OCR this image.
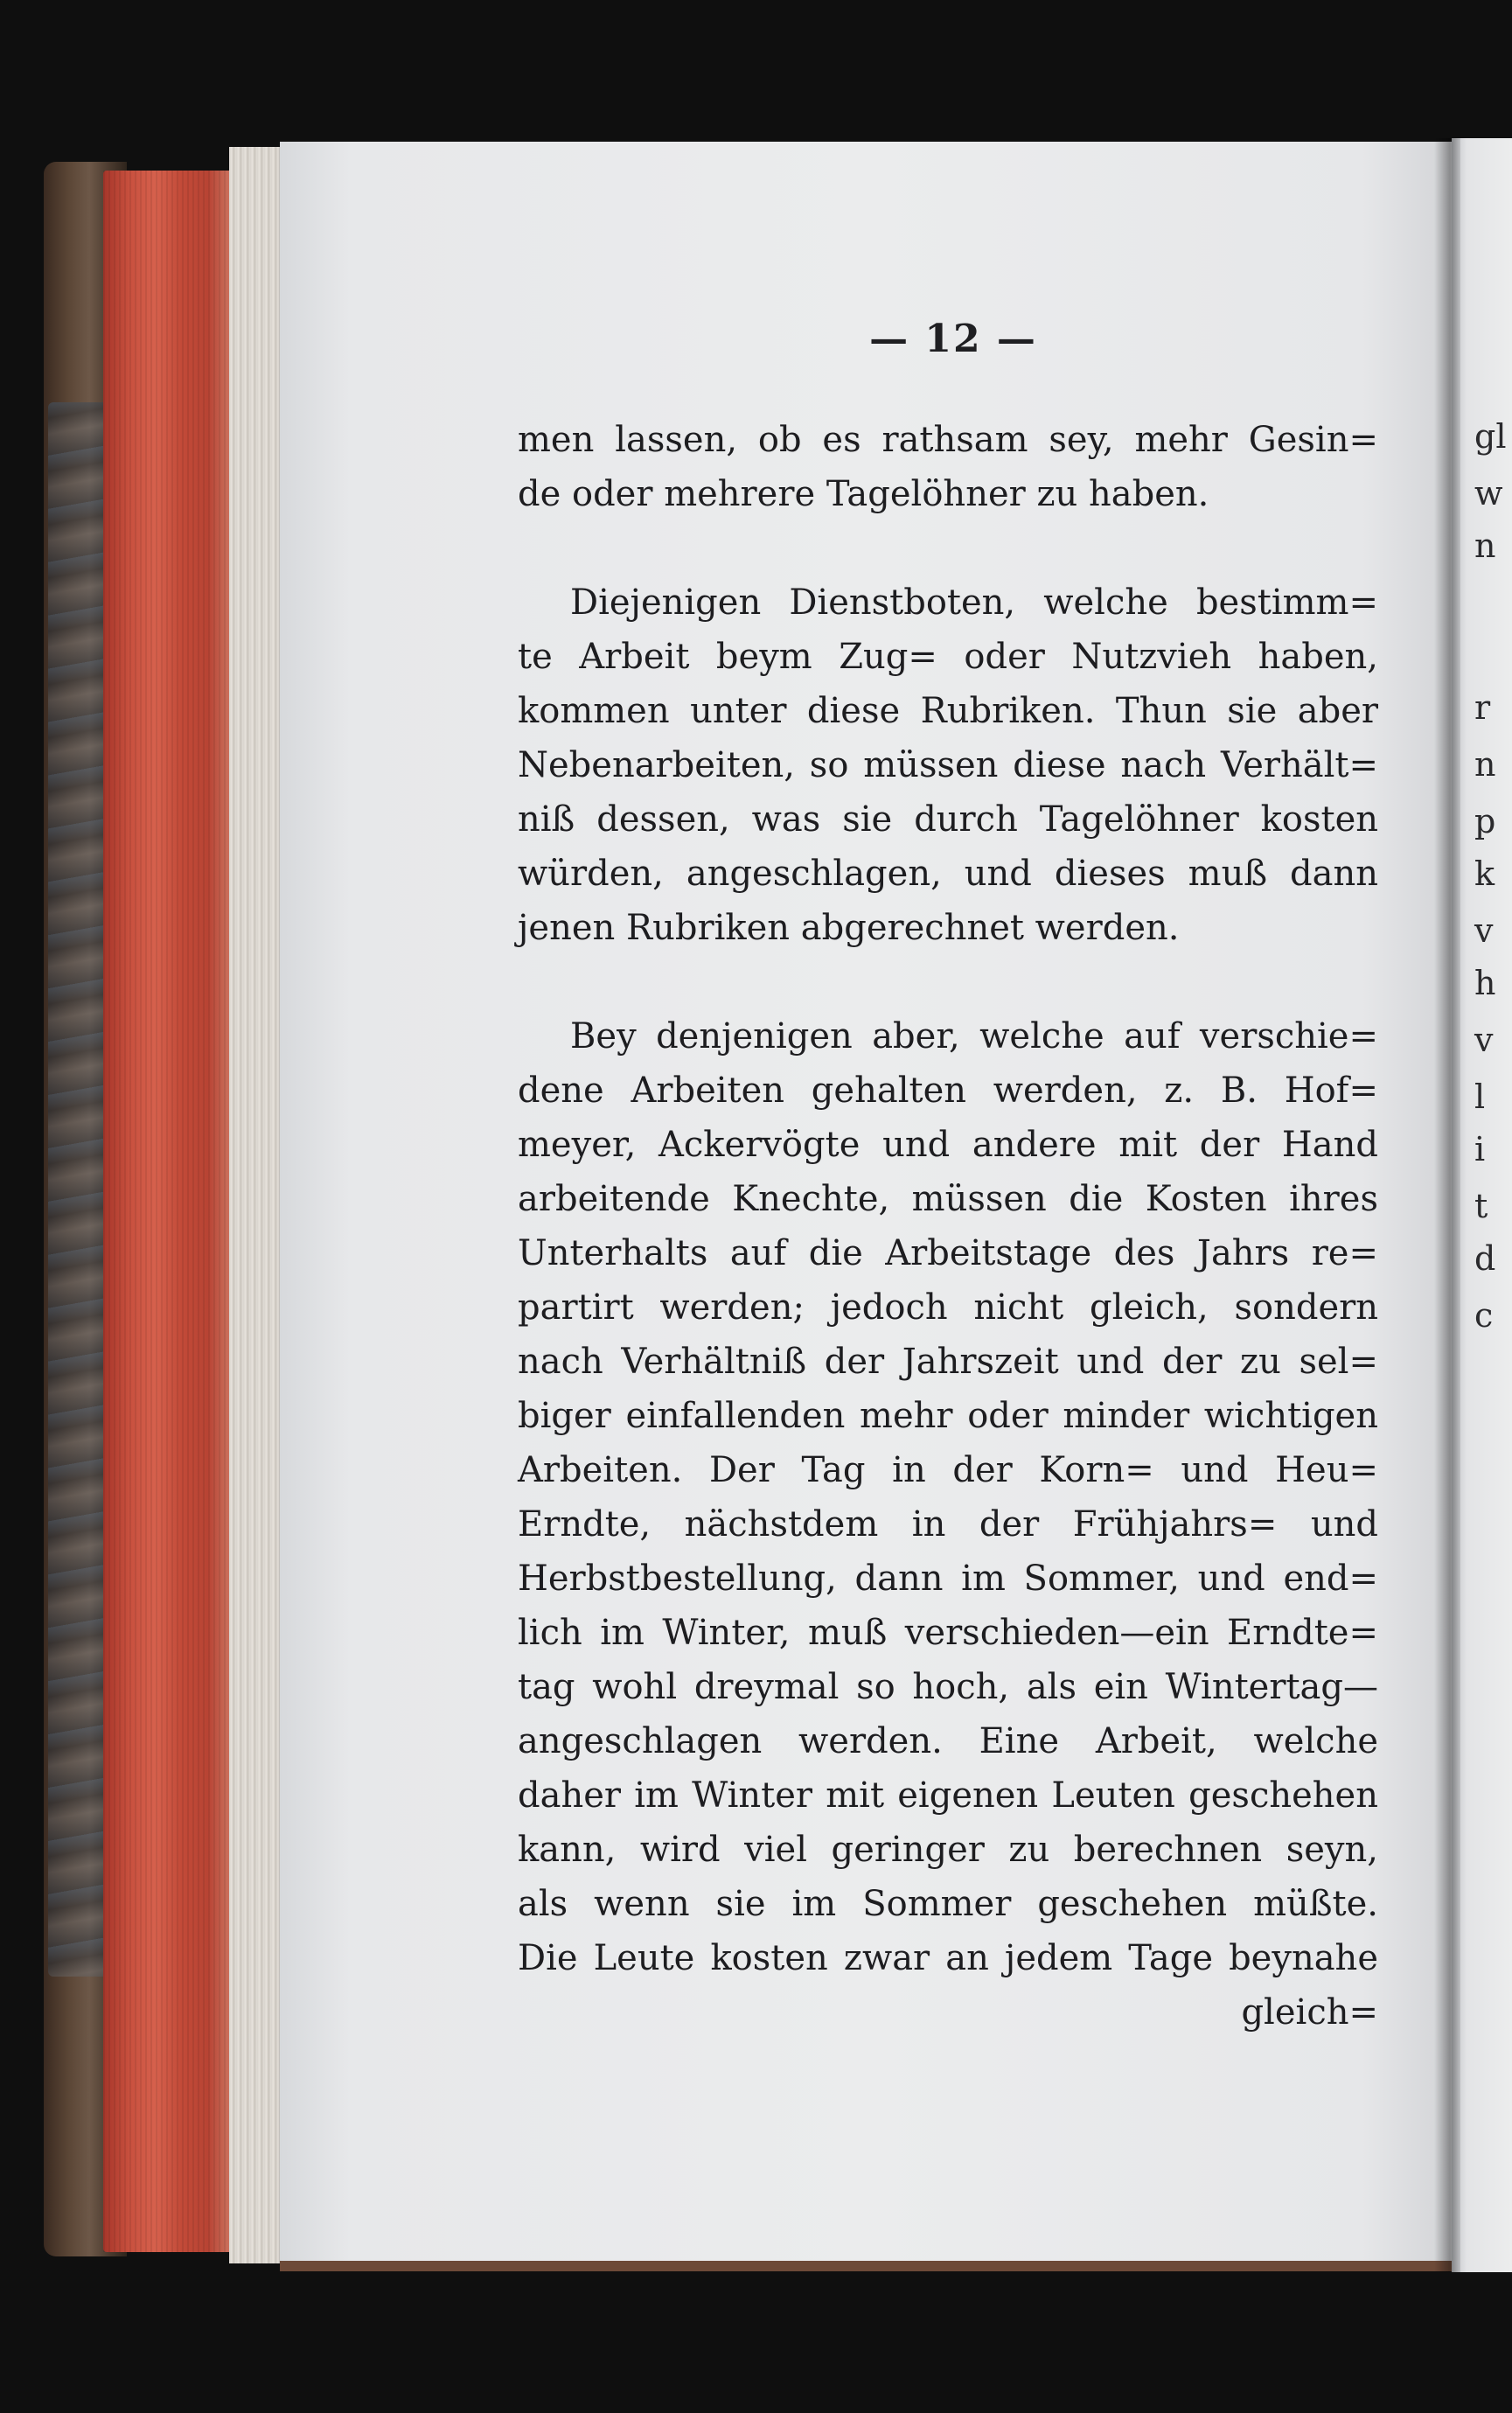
— 12 —
men lassen, ob es rathsam sey, mehr Gesin=
de oder mehrere Tagelöhner zu haben.
Diejenigen Dienstboten, welche bestimm=
te Arbeit beym Zug= oder Nutzvieh haben,
kommen unter diese Rubriken. Thun sie aber
Nebenarbeiten, so müssen diese nach Verhält=
niß dessen, was sie durch Tagelöhner kosten
würden, angeschlagen, und dieses muß dann
jenen Rubriken abgerechnet werden.
Bey denjenigen aber, welche auf verschie=
dene Arbeiten gehalten werden, z. B. Hof=
meyer, Ackervögte und andere mit der Hand
arbeitende Knechte, müssen die Kosten ihres
Unterhalts auf die Arbeitstage des Jahrs re=
partirt werden; jedoch nicht gleich, sondern
nach Verhältniß der Jahrszeit und der zu sel=
biger einfallenden mehr oder minder wichtigen
Arbeiten. Der Tag in der Korn= und Heu=
Erndte, nächstdem in der Frühjahrs= und
Herbstbestellung, dann im Sommer, und end=
lich im Winter, muß verschieden—ein Erndte=
tag wohl dreymal so hoch, als ein Wintertag—
angeschlagen werden. Eine Arbeit, welche
daher im Winter mit eigenen Leuten geschehen
kann, wird viel geringer zu berechnen seyn,
als wenn sie im Sommer geschehen müßte.
Die Leute kosten zwar an jedem Tage beynahe
gleich=
gl
w
n
r
n
p
k
v
h
v
l
i
t
d
c
